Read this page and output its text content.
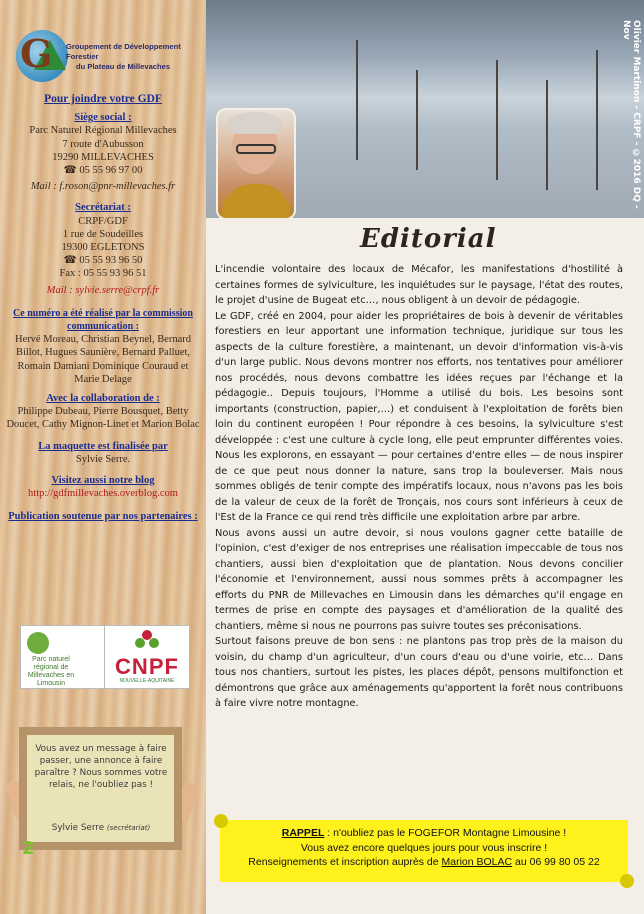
G Groupement de Développement Forestier
du Plateau de Millevaches
Pour joindre votre GDF
Siège social :
Parc Naturel Régional Millevaches
7 route d'Aubusson
19290 MILLEVACHES
☎ 05 55 96 97 00
Mail : f.roson@pnr-millevaches.fr
Secrétariat :
CRPF/GDF
1 rue de Soudeilles
19300 EGLETONS
☎ 05 55 93 96 50
Fax : 05 55 93 96 51
Mail : sylvie.serre@crpf.fr
Ce numéro a été réalisé par la commission communication :
Hervé Moreau, Christian Beynel, Bernard Billot, Hugues Saunière, Bernard Palluet, Romain Damiani Dominique Couraud et Marie Delage
Avec la collaboration de :
Philippe Dubeau, Pierre Bousquet, Betty Doucet, Cathy Mignon-Linet et Marion Bolac
La maquette est finalisée par
Sylvie Serre.
Visitez aussi notre blog
http://gdfmillevaches.overblog.com
Publication soutenue par nos partenaires :
Parc naturel régional de Millevaches en Limousin
CNPF
NOUVELLE-AQUITAINE
Vous avez un message à faire passer, une annonce à faire paraître ? Nous sommes votre relais, ne l'oubliez pas !
Sylvie Serre (secrétariat)
2
Olivier Martinon - CRPF - ©2016 DQ - Nov
Editorial

L'incendie volontaire des locaux de Mécafor, les manifestations d'hostilité à certaines formes de sylviculture, les inquiétudes sur le paysage, l'état des routes, le projet d'usine de Bugeat etc…, nous obligent à un devoir de pédagogie.

Le GDF, créé en 2004, pour aider les propriétaires de bois à devenir de véritables forestiers en leur apportant une information technique, juridique sur tous les aspects de la culture forestière, a maintenant, un devoir d'information vis-à-vis d'un large public. Nous devons montrer nos efforts, nos tentatives pour améliorer nos procédés, nous devons combattre les idées reçues par l'échange et la pédagogie.. Depuis toujours, l'Homme a utilisé du bois. Les besoins sont importants (construction, papier,…) et conduisent à l'exploitation de forêts bien loin du continent européen ! Pour répondre à ces besoins, la sylviculture s'est développée : c'est une culture à cycle long, elle peut emprunter différentes voies. Nous les explorons, en essayant — pour certaines d'entre elles — de nous inspirer de ce que peut nous donner la nature, sans trop la bouleverser. Mais nous sommes obligés de tenir compte des impératifs locaux, nous n'avons pas les bois de la valeur de ceux de la forêt de Tronçais, nos cours sont inférieurs à ceux de l'Est de la France ce qui rend très difficile une exploitation arbre par arbre.

Nous avons aussi un autre devoir, si nous voulons gagner cette bataille de l'opinion, c'est d'exiger de nos entreprises une réalisation impeccable de tous nos chantiers, aussi bien d'exploitation que de plantation. Nous devons concilier l'économie et l'environnement, aussi nous sommes prêts à accompagner les efforts du PNR de Millevaches en Limousin dans les démarches qu'il engage en termes de prise en compte des paysages et d'amélioration de la qualité des chantiers, même si nous ne pourrons pas suivre toutes ses préconisations.

Surtout faisons preuve de bon sens : ne plantons pas trop près de la maison du voisin, du champ d'un agriculteur, d'un cours d'eau ou d'une voirie, etc… Dans tous nos chantiers, surtout les pistes, les places dépôt, pensons multifonction et démontrons que grâce aux aménagements qu'apportent la forêt nous contribuons à faire vivre notre montagne.

RAPPEL : n'oubliez pas le FOGEFOR Montagne Limousine !
Vous avez encore quelques jours pour vous inscrire !
Renseignements et inscription auprès de Marion BOLAC au 06 99 80 05 22
